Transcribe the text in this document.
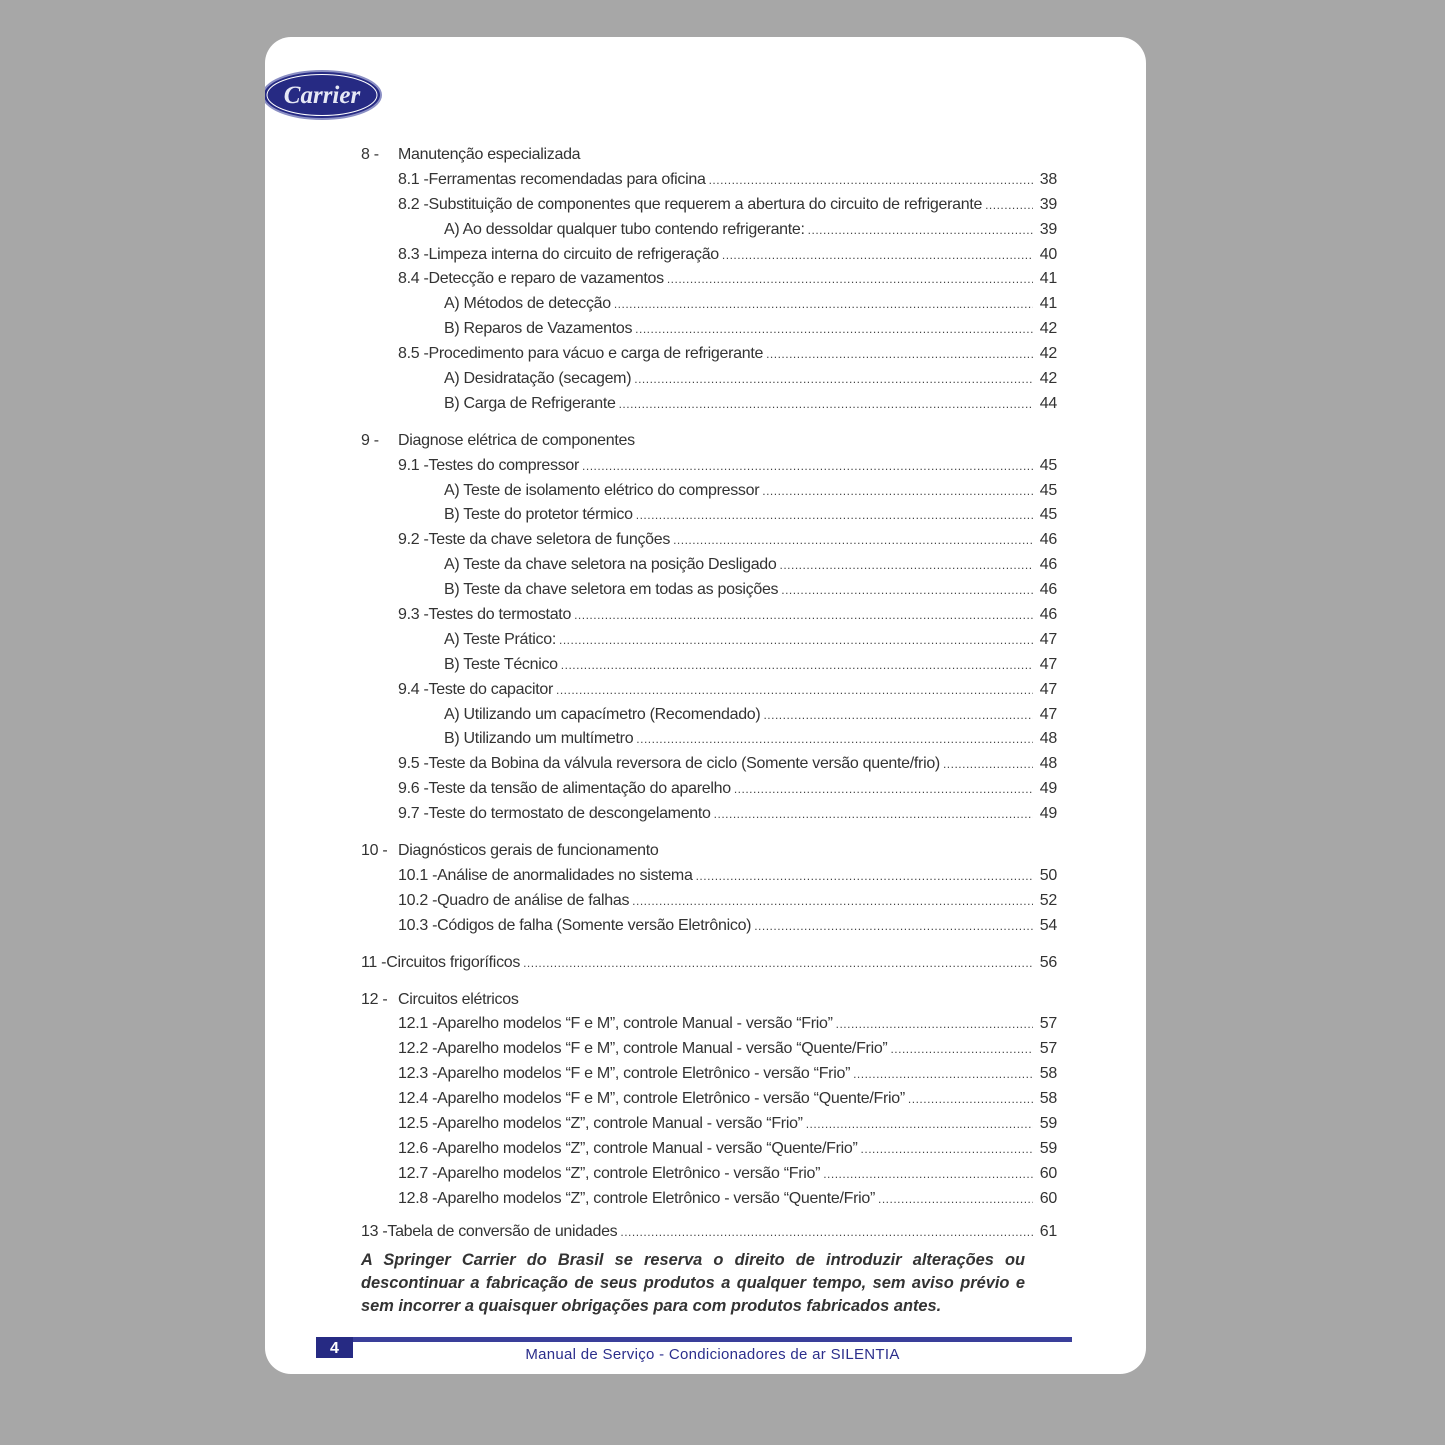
Carrier
8 -	Manutenção especializada
8.1 - Ferramentas recomendadas para oficina .....	38
8.2 - Substituição de componentes que requerem a abertura do circuito de refrigerante .....	39
A) Ao dessoldar qualquer tubo contendo refrigerante: .....	39
8.3 - Limpeza interna do circuito de refrigeração .....	40
8.4 - Detecção e reparo de vazamentos .....	41
A) Métodos de detecção .....	41
B) Reparos de Vazamentos .....	42
8.5 - Procedimento para vácuo e carga de refrigerante .....	42
A) Desidratação (secagem) .....	42
B) Carga de Refrigerante .....	44
9 -	Diagnose elétrica de componentes
9.1 - Testes do compressor .....	45
A) Teste de isolamento elétrico do compressor .....	45
B) Teste do protetor térmico .....	45
9.2 - Teste da chave seletora de funções .....	46
A) Teste da chave seletora na posição Desligado .....	46
B) Teste da chave seletora em todas as posições .....	46
9.3 - Testes do termostato .....	46
A) Teste Prático: .....	47
B) Teste Técnico .....	47
9.4 - Teste do capacitor .....	47
A) Utilizando um capacímetro (Recomendado) .....	47
B) Utilizando um multímetro .....	48
9.5 - Teste da Bobina da válvula reversora de ciclo (Somente versão quente/frio) .....	48
9.6 - Teste da tensão de alimentação do aparelho .....	49
9.7 - Teste do termostato de descongelamento .....	49
10 - Diagnósticos gerais de funcionamento
10.1 - Análise de anormalidades no sistema .....	50
10.2 - Quadro de análise de falhas .....	52
10.3 - Códigos de falha (Somente versão Eletrônico) .....	54
11 - Circuitos frigoríficos .....	56
12 - Circuitos elétricos
12.1 - Aparelho modelos “F e M”, controle Manual - versão “Frio” .....	57
12.2 - Aparelho modelos “F e M”, controle Manual - versão “Quente/Frio” .....	57
12.3 - Aparelho modelos “F e M”, controle Eletrônico - versão “Frio” .....	58
12.4 - Aparelho modelos “F e M”, controle Eletrônico - versão “Quente/Frio” .....	58
12.5 - Aparelho modelos “Z”, controle Manual - versão “Frio” .....	59
12.6 - Aparelho modelos “Z”, controle Manual - versão “Quente/Frio” .....	59
12.7 - Aparelho modelos “Z”, controle Eletrônico - versão “Frio” .....	60
12.8 - Aparelho modelos “Z”, controle Eletrônico - versão “Quente/Frio” .....	60
13 - Tabela de conversão de unidades .....	61
A Springer Carrier do Brasil se reserva o direito de introduzir alterações ou descontinuar a fabricação de seus produtos a qualquer tempo, sem aviso prévio e sem incorrer a quaisquer obrigações para com produtos fabricados antes.
4	Manual de Serviço - Condicionadores de ar SILENTIA
